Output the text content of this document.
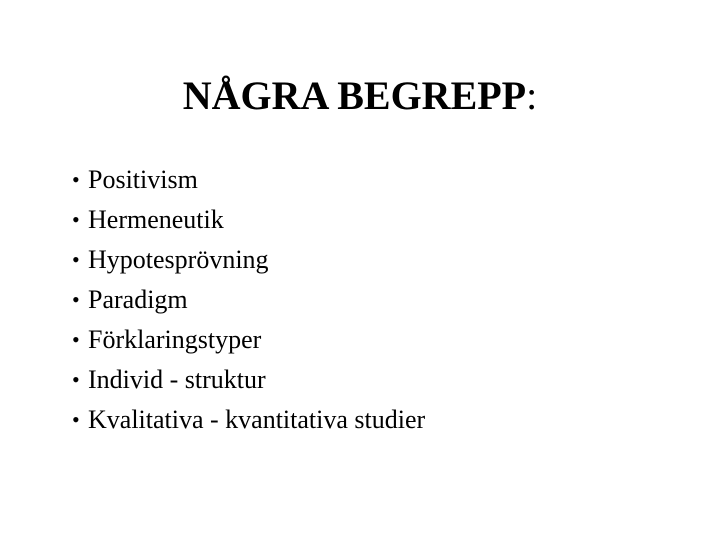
NÅGRA BEGREPP:
• Positivism
• Hermeneutik
• Hypotesprövning
• Paradigm
• Förklaringstyper
• Individ - struktur
• Kvalitativa - kvantitativa studier
